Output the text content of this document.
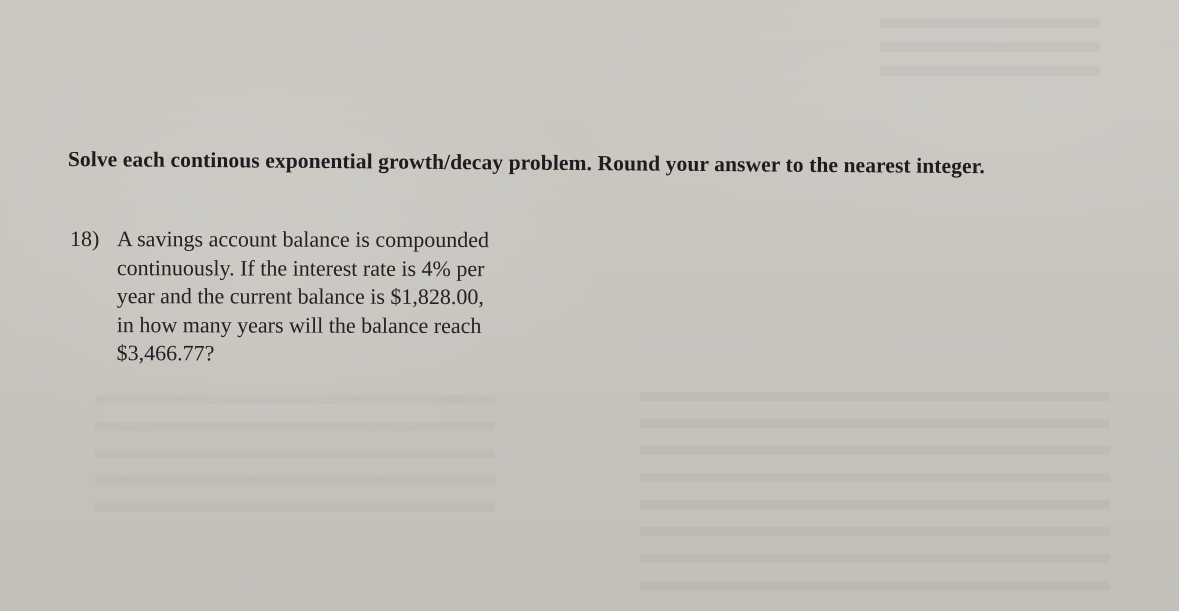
Solve each continous exponential growth/decay problem. Round your answer to the nearest integer.

18) A savings account balance is compounded
continuously. If the interest rate is 4% per
year and the current balance is $1,828.00,
in how many years will the balance reach
$3,466.77?
